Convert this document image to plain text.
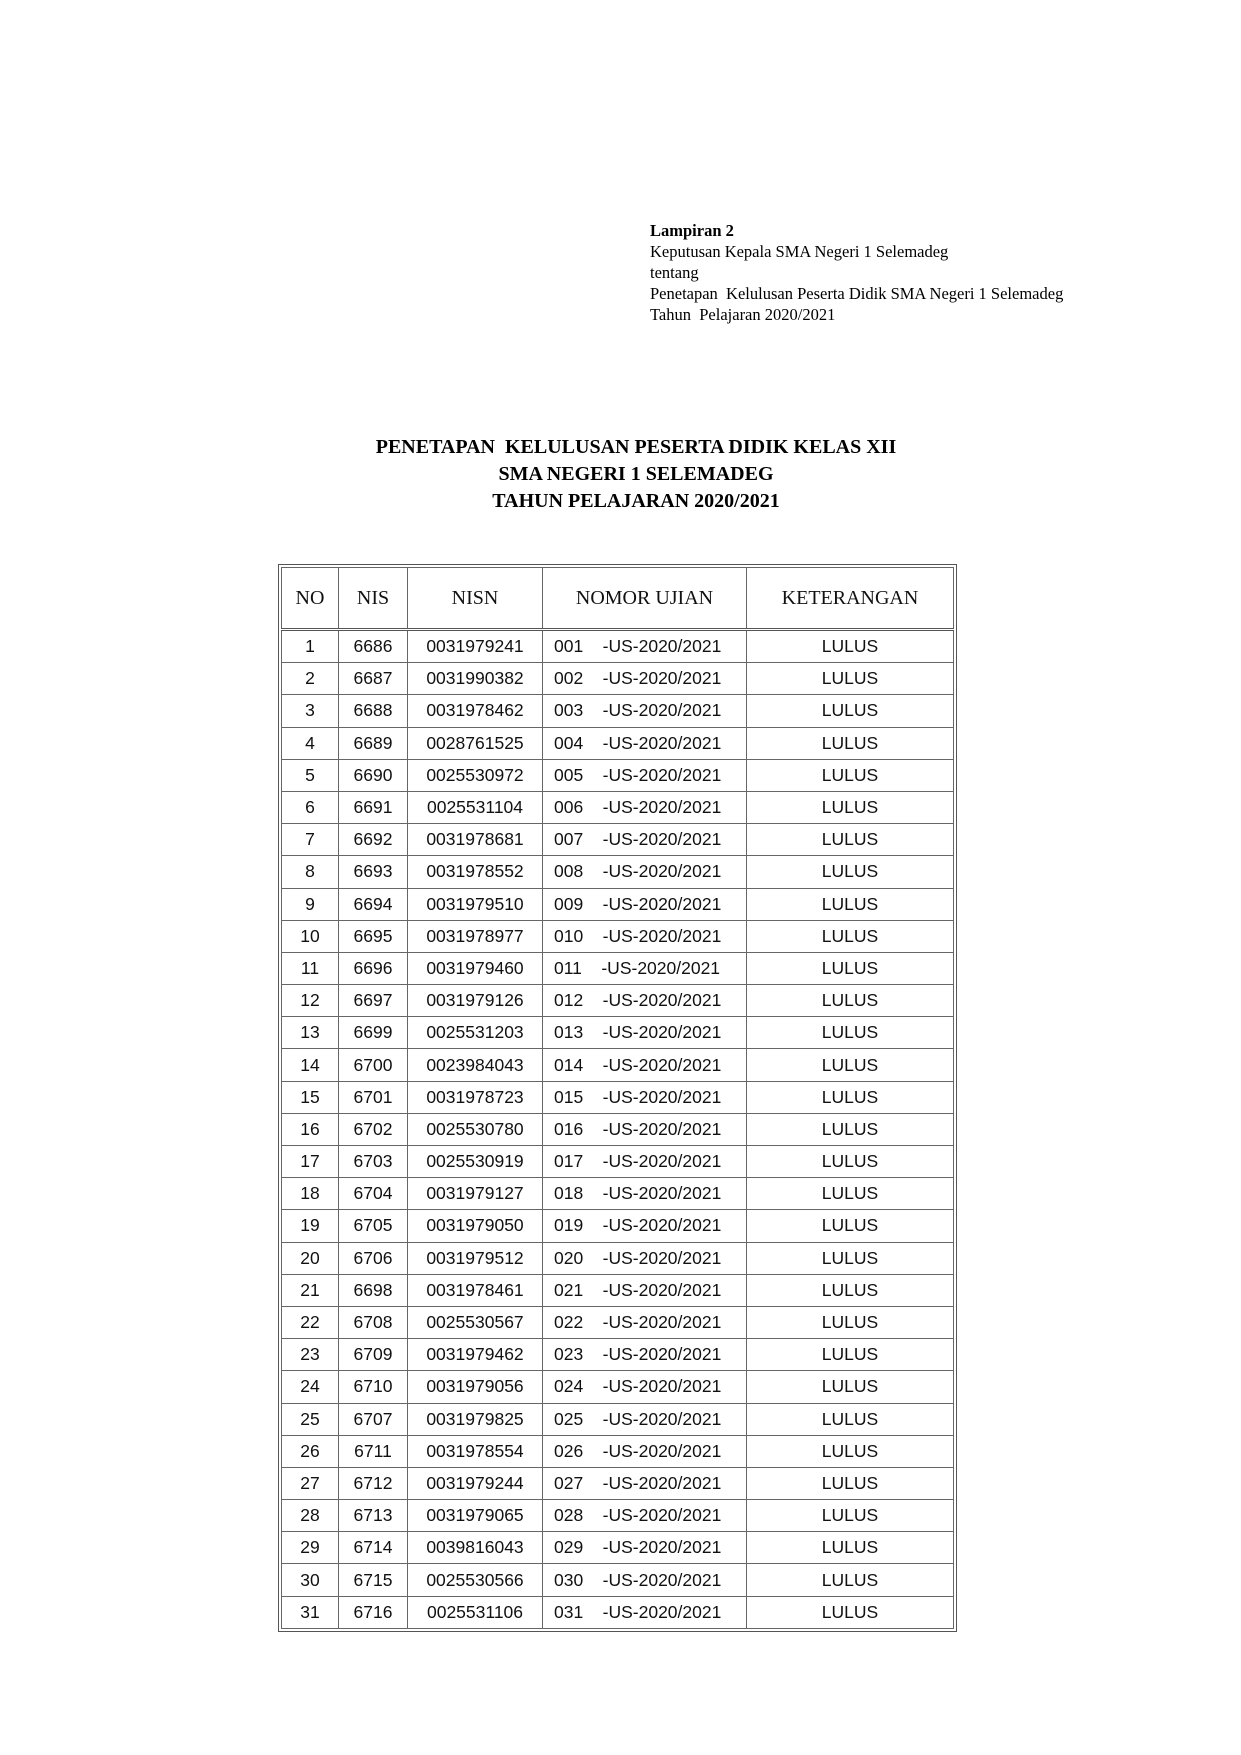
Lampiran 2
Keputusan Kepala SMA Negeri 1 Selemadeg
tentang
Penetapan  Kelulusan Peserta Didik SMA Negeri 1 Selemadeg
Tahun  Pelajaran 2020/2021
PENETAPAN  KELULUSAN PESERTA DIDIK KELAS XII
SMA NEGERI 1 SELEMADEG
TAHUN PELAJARAN 2020/2021
NO	NIS	NISN	NOMOR UJIAN	KETERANGAN
1	6686	0031979241	001    -US-2020/2021	LULUS
2	6687	0031990382	002    -US-2020/2021	LULUS
3	6688	0031978462	003    -US-2020/2021	LULUS
4	6689	0028761525	004    -US-2020/2021	LULUS
5	6690	0025530972	005    -US-2020/2021	LULUS
6	6691	0025531104	006    -US-2020/2021	LULUS
7	6692	0031978681	007    -US-2020/2021	LULUS
8	6693	0031978552	008    -US-2020/2021	LULUS
9	6694	0031979510	009    -US-2020/2021	LULUS
10	6695	0031978977	010    -US-2020/2021	LULUS
11	6696	0031979460	011    -US-2020/2021	LULUS
12	6697	0031979126	012    -US-2020/2021	LULUS
13	6699	0025531203	013    -US-2020/2021	LULUS
14	6700	0023984043	014    -US-2020/2021	LULUS
15	6701	0031978723	015    -US-2020/2021	LULUS
16	6702	0025530780	016    -US-2020/2021	LULUS
17	6703	0025530919	017    -US-2020/2021	LULUS
18	6704	0031979127	018    -US-2020/2021	LULUS
19	6705	0031979050	019    -US-2020/2021	LULUS
20	6706	0031979512	020    -US-2020/2021	LULUS
21	6698	0031978461	021    -US-2020/2021	LULUS
22	6708	0025530567	022    -US-2020/2021	LULUS
23	6709	0031979462	023    -US-2020/2021	LULUS
24	6710	0031979056	024    -US-2020/2021	LULUS
25	6707	0031979825	025    -US-2020/2021	LULUS
26	6711	0031978554	026    -US-2020/2021	LULUS
27	6712	0031979244	027    -US-2020/2021	LULUS
28	6713	0031979065	028    -US-2020/2021	LULUS
29	6714	0039816043	029    -US-2020/2021	LULUS
30	6715	0025530566	030    -US-2020/2021	LULUS
31	6716	0025531106	031    -US-2020/2021	LULUS
